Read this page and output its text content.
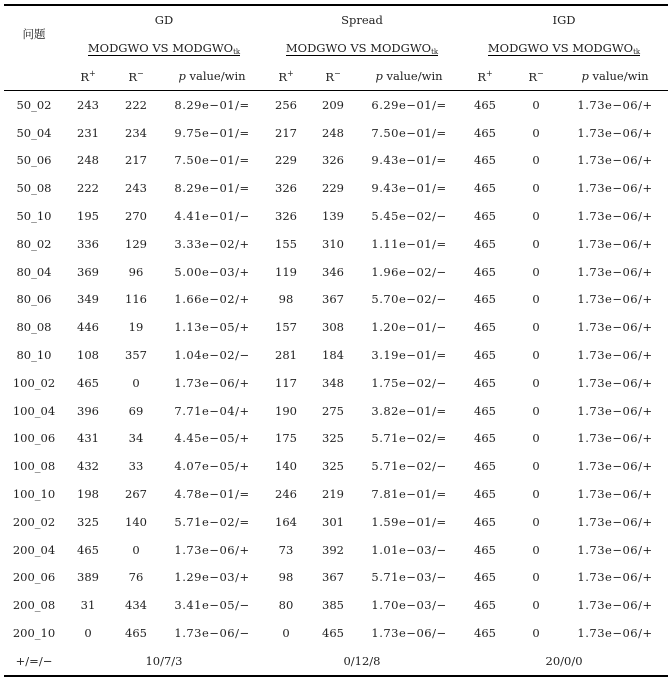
问题	GD			Spread			IGD		
	MODGWO VS $MODGWO_{tk}$			MODGWO VS $MODGWO_{tk}$			MODGWO VS $MODGWO_{tk}$
	R+	R−	p value/win	R+	R−	p value/win	R+	R−	p value/win
50_02	243	222	8.29e−01/=	256	209	6.29e−01/=	465	0	1.73e−06/+
50_04	231	234	9.75e−01/=	217	248	7.50e−01/=	465	0	1.73e−06/+
50_06	248	217	7.50e−01/=	229	326	9.43e−01/=	465	0	1.73e−06/+
50_08	222	243	8.29e−01/=	326	229	9.43e−01/=	465	0	1.73e−06/+
50_10	195	270	4.41e−01/−	326	139	5.45e−02/−	465	0	1.73e−06/+
80_02	336	129	3.33e−02/+	155	310	1.11e−01/=	465	0	1.73e−06/+
80_04	369	96	5.00e−03/+	119	346	1.96e−02/−	465	0	1.73e−06/+
80_06	349	116	1.66e−02/+	98	367	5.70e−02/−	465	0	1.73e−06/+
80_08	446	19	1.13e−05/+	157	308	1.20e−01/−	465	0	1.73e−06/+
80_10	108	357	1.04e−02/−	281	184	3.19e−01/=	465	0	1.73e−06/+
100_02	465	0	1.73e−06/+	117	348	1.75e−02/−	465	0	1.73e−06/+
100_04	396	69	7.71e−04/+	190	275	3.82e−01/=	465	0	1.73e−06/+
100_06	431	34	4.45e−05/+	175	325	5.71e−02/=	465	0	1.73e−06/+
100_08	432	33	4.07e−05/+	140	325	5.71e−02/−	465	0	1.73e−06/+
100_10	198	267	4.78e−01/=	246	219	7.81e−01/=	465	0	1.73e−06/+
200_02	325	140	5.71e−02/=	164	301	1.59e−01/=	465	0	1.73e−06/+
200_04	465	0	1.73e−06/+	73	392	1.01e−03/−	465	0	1.73e−06/+
200_06	389	76	1.29e−03/+	98	367	5.71e−03/−	465	0	1.73e−06/+
200_08	31	434	3.41e−05/−	80	385	1.70e−03/−	465	0	1.73e−06/+
200_10	0	465	1.73e−06/−	0	465	1.73e−06/−	465	0	1.73e−06/+
+/=/−	10/7/3			0/12/8			20/0/0		
